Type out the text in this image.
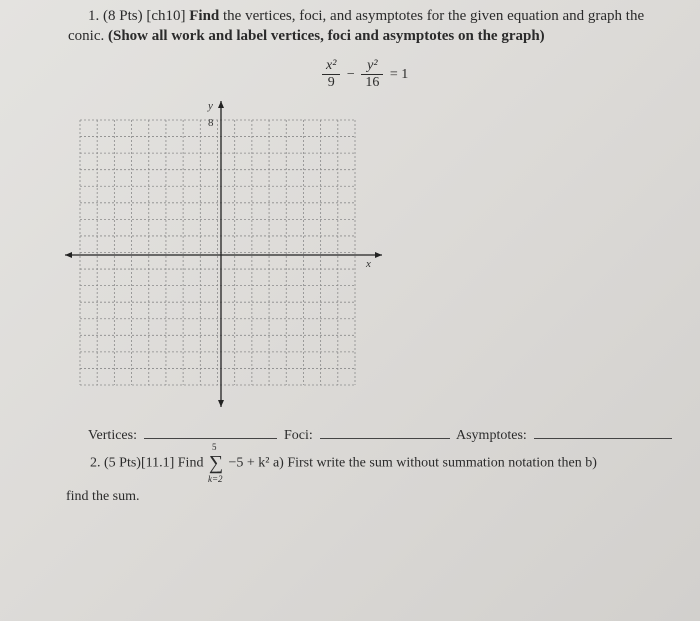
1. (8 Pts) [ch10] Find the vertices, foci, and asymptotes for the given equation and graph the conic. (Show all work and label vertices, foci and asymptotes on the graph)
$\frac{\text{x²}}{9} - \frac{\text{y²}}{16} = 1$
y
x
8
Vertices:	Foci:	Asymptotes:
2. (5 Pts)[11.1] Find ∑
5
k=2
−5 + k² a) First write the sum without summation notation then b)
find the sum.
